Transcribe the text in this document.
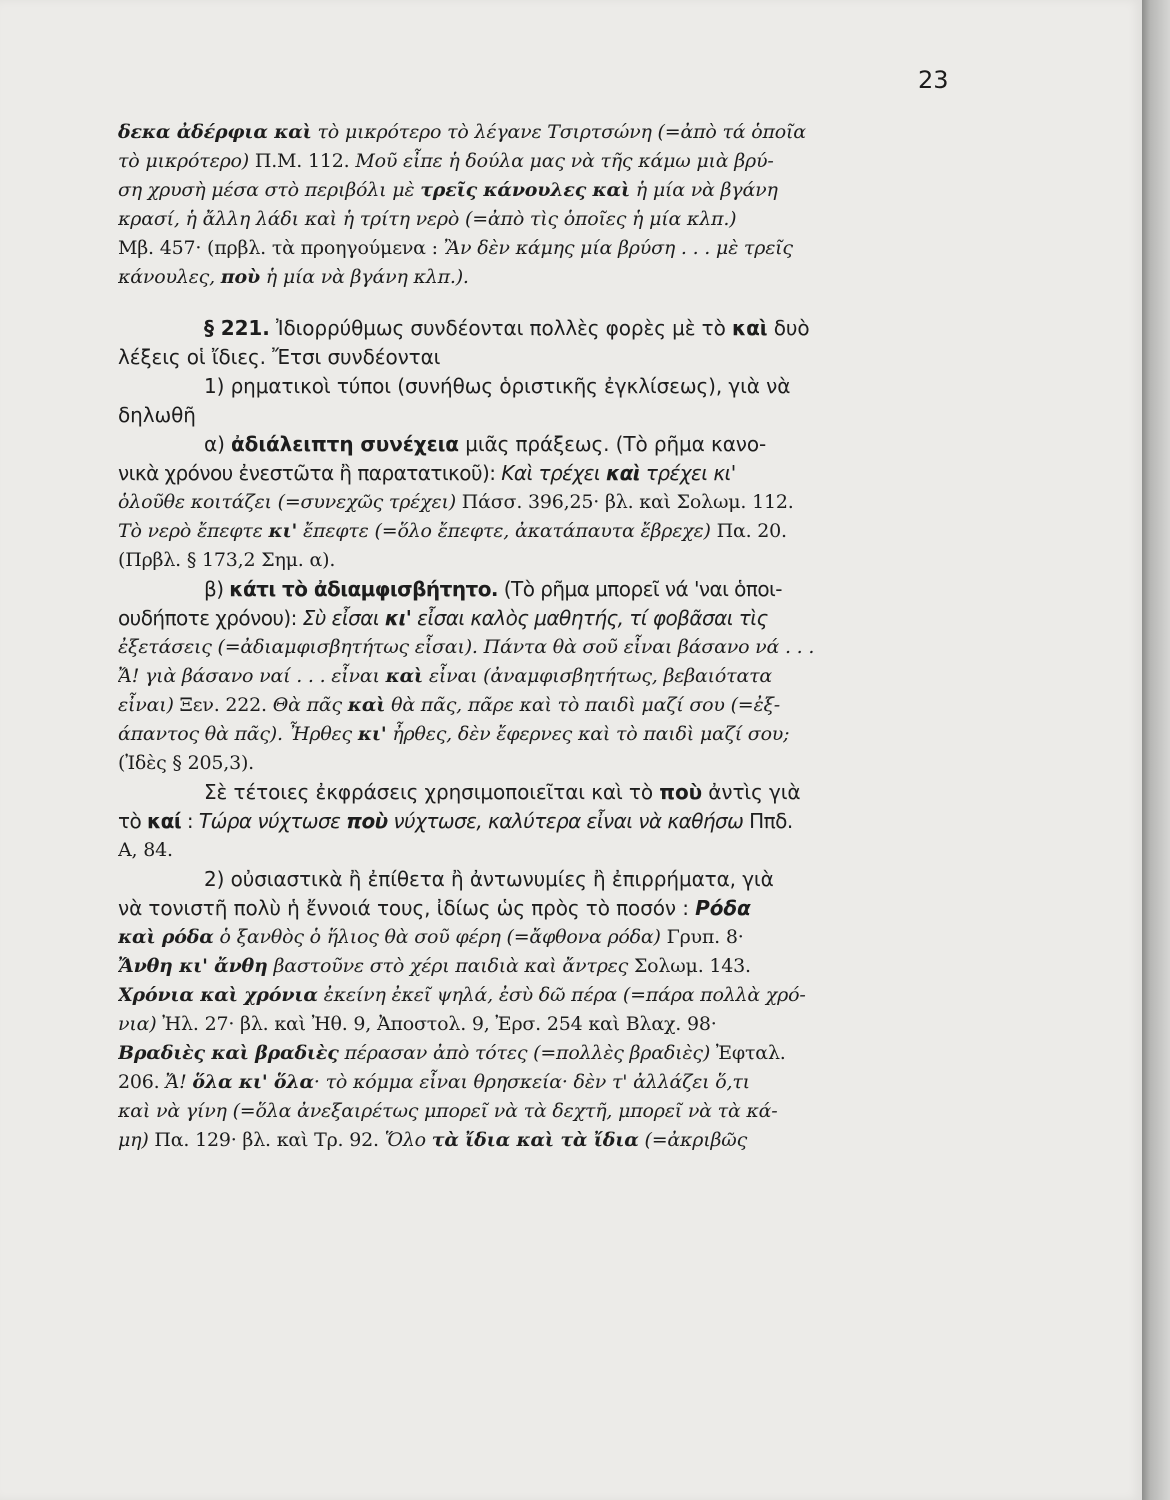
23
δεκα ἀδέρφια καὶ τὸ μικρότερο τὸ λέγανε Τσιρτσώνη (=ἀπὸ τά ὁποῖα
τὸ μικρότερο) Π.Μ. 112. Μοῦ εἶπε ἡ δούλα μας νὰ τῆς κάμω μιὰ βρύ-
ση χρυσὴ μέσα στὸ περιβόλι μὲ τρεῖς κάνουλες καὶ ἡ μία νὰ βγάνη
κρασί, ἡ ἄλλη λάδι καὶ ἡ τρίτη νερὸ (=ἀπὸ τὶς ὁποῖες ἡ μία κλπ.)
Μβ. 457· (πρβλ. τὰ προηγούμενα : Ἂν δὲν κάμης μία βρύση . . . μὲ τρεῖς
κάνουλες, ποὺ ἡ μία νὰ βγάνη κλπ.).
§ 221. Ἰδιορρύθμως συνδέονται πολλὲς φορὲς μὲ τὸ καὶ δυὸ
λέξεις οἱ ἴδιες. Ἔτσι συνδέονται
1) ρηματικοὶ τύποι (συνήθως ὁριστικῆς ἐγκλίσεως), γιὰ νὰ
δηλωθῆ
α) ἀδιάλειπτη συνέχεια μιᾶς πράξεως. (Τὸ ρῆμα κανο-
νικὰ χρόνου ἐνεστῶτα ἢ παρατατικοῦ): Καὶ τρέχει καὶ τρέχει κι'
ὁλοῦθε κοιτάζει (=συνεχῶς τρέχει) Πάσσ. 396,25· βλ. καὶ Σολωμ. 112.
Τὸ νερὸ ἔπεφτε κι' ἔπεφτε (=ὅλο ἔπεφτε, ἀκατάπαυτα ἔβρεχε) Πα. 20.
(Πρβλ. § 173,2 Σημ. α).
β) κάτι τὸ ἀδιαμφισβήτητο. (Τὸ ρῆμα μπορεῖ νά 'ναι ὁποι-
ουδήποτε χρόνου): Σὺ εἶσαι κι' εἶσαι καλὸς μαθητής, τί φοβᾶσαι τὶς
ἐξετάσεις (=ἀδιαμφισβητήτως εἶσαι). Πάντα θὰ σοῦ εἶναι βάσανο νά . . .
Ἄ! γιὰ βάσανο ναί . . . εἶναι καὶ εἶναι (ἀναμφισβητήτως, βεβαιότατα
εἶναι) Ξεν. 222. Θὰ πᾶς καὶ θὰ πᾶς, πᾶρε καὶ τὸ παιδὶ μαζί σου (=ἐξ-
άπαντος θὰ πᾶς). Ἦρθες κι' ἦρθες, δὲν ἔφερνες καὶ τὸ παιδὶ μαζί σου;
(Ἰδὲς § 205,3).
Σὲ τέτοιες ἐκφράσεις χρησιμοποιεῖται καὶ τὸ ποὺ ἀντὶς γιὰ
τὸ καί : Τώρα νύχτωσε ποὺ νύχτωσε, καλύτερα εἶναι νὰ καθήσω Ππδ.
Α, 84.
2) οὐσιαστικὰ ἢ ἐπίθετα ἢ ἀντωνυμίες ἢ ἐπιρρήματα, γιὰ
νὰ τονιστῆ πολὺ ἡ ἔννοιά τους, ἰδίως ὡς πρὸς τὸ ποσόν : Ρόδα
καὶ ρόδα ὁ ξανθὸς ὁ ἥλιος θὰ σοῦ φέρη (=ἄφθονα ρόδα) Γρυπ. 8·
Ἄνθη κι' ἄνθη βαστοῦνε στὸ χέρι παιδιὰ καὶ ἄντρες Σολωμ. 143.
Χρόνια καὶ χρόνια ἐκείνη ἐκεῖ ψηλά, ἐσὺ δῶ πέρα (=πάρα πολλὰ χρό-
νια) Ἠλ. 27· βλ. καὶ Ἠθ. 9, Ἀποστολ. 9, Ἐρσ. 254 καὶ Βλαχ. 98·
Βραδιὲς καὶ βραδιὲς πέρασαν ἀπὸ τότες (=πολλὲς βραδιὲς) Ἐφταλ.
206. Ἄ! ὅλα κι' ὅλα· τὸ κόμμα εἶναι θρησκεία· δὲν τ' ἀλλάζει ὅ,τι
καὶ νὰ γίνη (=ὅλα ἀνεξαιρέτως μπορεῖ νὰ τὰ δεχτῆ, μπορεῖ νὰ τὰ κά-
μη) Πα. 129· βλ. καὶ Τρ. 92. Ὅλο τὰ ἴδια καὶ τὰ ἴδια (=ἀκριβῶς
